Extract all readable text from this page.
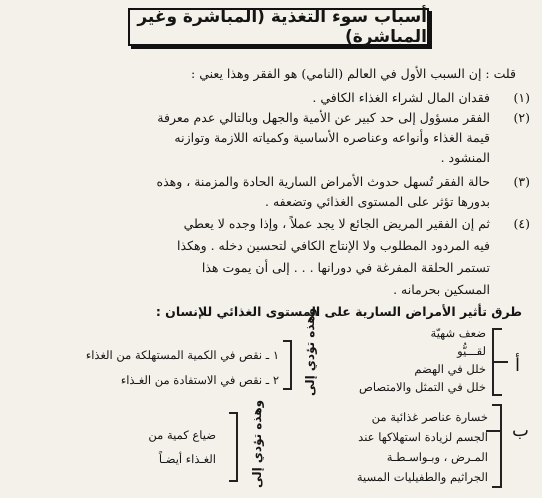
أسباب سوء التغذية (المباشرة وغير المباشرة)
قلت : إن السبب الأول في العالم (النامي) هو الفقر وهذا يعني :
(١)
فقدان المال لشراء الغذاء الكافي .
(٢)
الفقر مسؤول إلى حد كبير عن الأمية والجهل وبالتالي عدم معرفة
قيمة الغذاء وأنواعه وعناصره الأساسية وكمياته اللازمة وتوازنه
المنشود .
(٣)
حالة الفقر تُسهل حدوث الأمراض السارية الحادة والمزمنة ، وهذه
بدورها تؤثر على المستوى الغذائي وتضعفه .
(٤)
ثم إن الفقير المريض الجائع لا يجد عملاً ، وإذا وجده لا يعطي
فيه المردود المطلوب ولا الإنتاج الكافي لتحسين دخله . وهكذا
تستمر الحلقة المفرغة في دورانها . . . إلى أن يموت هذا
المسكين بحرمانه .
طرق تأثير الأمراض السارية على المستوى الغذائي للإنسان :
أ
ضعف شهيّة
لقـــيُّو
خلل في الهضم
خلل في التمثل والامتصاص
وهذه تؤدي إلى
١ ـ نقص في الكمية المستهلكة من الغذاء
٢ ـ نقص في الاستفادة من الغـذاء
ب
خسارة عناصر غذائية من
الجسم لزيادة استهلاكها عند
المـرض ، وبـواسـطـة
الجراثيم والطفيليات المسية
وهذه تؤدي إلى
ضياع كمية من
الغـذاء أيضـاً
